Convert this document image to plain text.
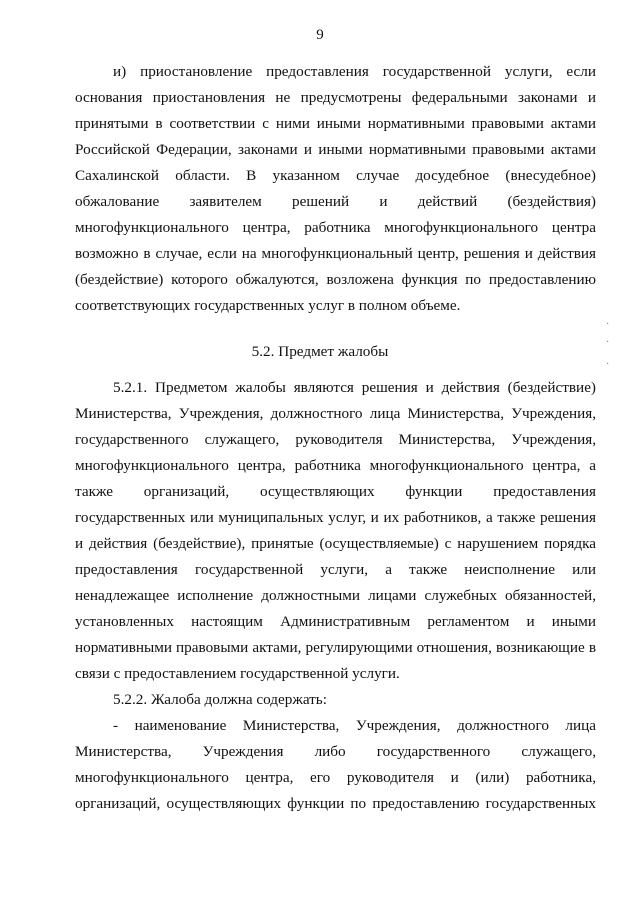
9
и) приостановление предоставления государственной услуги, если
основания приостановления не предусмотрены федеральными законами и
принятыми в соответствии с ними иными нормативными правовыми актами
Российской Федерации, законами и иными нормативными правовыми актами
Сахалинской области. В указанном случае досудебное (внесудебное)
обжалование заявителем решений и действий (бездействия)
многофункционального центра, работника многофункционального центра
возможно в случае, если на многофункциональный центр, решения и действия
(бездействие) которого обжалуются, возложена функция по предоставлению
соответствующих государственных услуг в полном объеме.
5.2. Предмет жалобы
5.2.1. Предметом жалобы являются решения и действия (бездействие)
Министерства, Учреждения, должностного лица Министерства, Учреждения,
государственного служащего, руководителя Министерства, Учреждения,
многофункционального центра, работника многофункционального центра, а
также организаций, осуществляющих функции предоставления
государственных или муниципальных услуг, и их работников, а также решения
и действия (бездействие), принятые (осуществляемые) с нарушением порядка
предоставления государственной услуги, а также неисполнение или
ненадлежащее исполнение должностными лицами служебных обязанностей,
установленных настоящим Административным регламентом и иными
нормативными правовыми актами, регулирующими отношения, возникающие в
связи с предоставлением государственной услуги.
5.2.2. Жалоба должна содержать:
- наименование Министерства, Учреждения, должностного лица
Министерства, Учреждения либо государственного служащего,
многофункционального центра, его руководителя и (или) работника,
организаций, осуществляющих функции по предоставлению государственных
·
·
·
